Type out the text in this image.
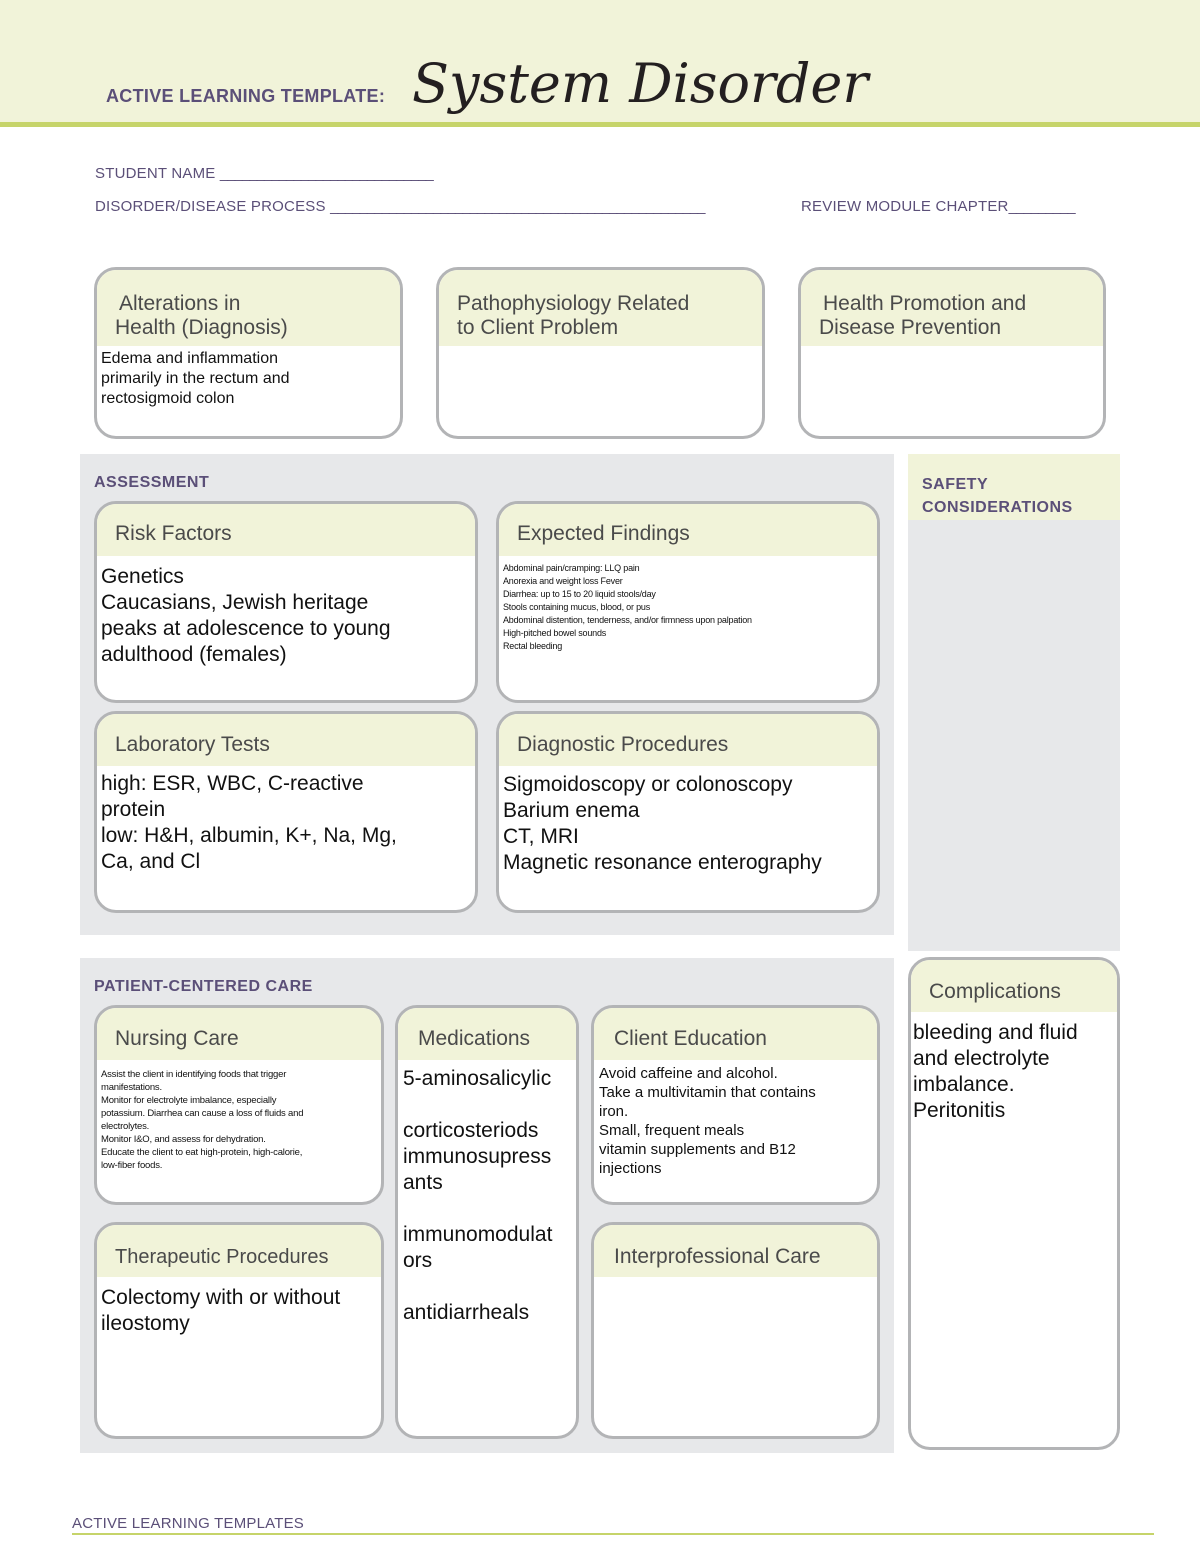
ACTIVE LEARNING TEMPLATE: System Disorder
STUDENT NAME _____________________________
DISORDER/DISEASE PROCESS ___________________________________________________	REVIEW MODULE CHAPTER_________
Alterations in
Health (Diagnosis)
Edema and inflammation
primarily in the rectum and
rectosigmoid colon
Pathophysiology Related
to Client Problem
Health Promotion and
Disease Prevention
ASSESSMENT
Risk Factors
Genetics
Caucasians, Jewish heritage
peaks at adolescence to young
adulthood (females)
Expected Findings
Abdominal pain/cramping: LLQ pain
Anorexia and weight loss Fever
Diarrhea: up to 15 to 20 liquid stools/day
Stools containing mucus, blood, or pus
Abdominal distention, tenderness, and/or firmness upon palpation
High-pitched bowel sounds
Rectal bleeding
Laboratory Tests
high: ESR, WBC, C-reactive
protein
low: H&H, albumin, K+, Na, Mg,
Ca, and Cl
Diagnostic Procedures
Sigmoidoscopy or colonoscopy
Barium enema
CT, MRI
Magnetic resonance enterography
SAFETY
CONSIDERATIONS
Complications
bleeding and fluid
and electrolyte
imbalance.
Peritonitis
PATIENT-CENTERED CARE
Nursing Care
Assist the client in identifying foods that trigger
manifestations.
Monitor for electrolyte imbalance, especially
potassium. Diarrhea can cause a loss of fluids and
electrolytes.
Monitor I&O, and assess for dehydration.
Educate the client to eat high-protein, high-calorie,
low-fiber foods.
Medications
5-aminosalicylic
corticosteriods
immunosupress
ants
immunomodulat
ors
antidiarrheals
Client Education
Avoid caffeine and alcohol.
Take a multivitamin that contains
iron.
Small, frequent meals
vitamin supplements and B12
injections
Therapeutic Procedures
Colectomy with or without
ileostomy
Interprofessional Care
ACTIVE LEARNING TEMPLATES
